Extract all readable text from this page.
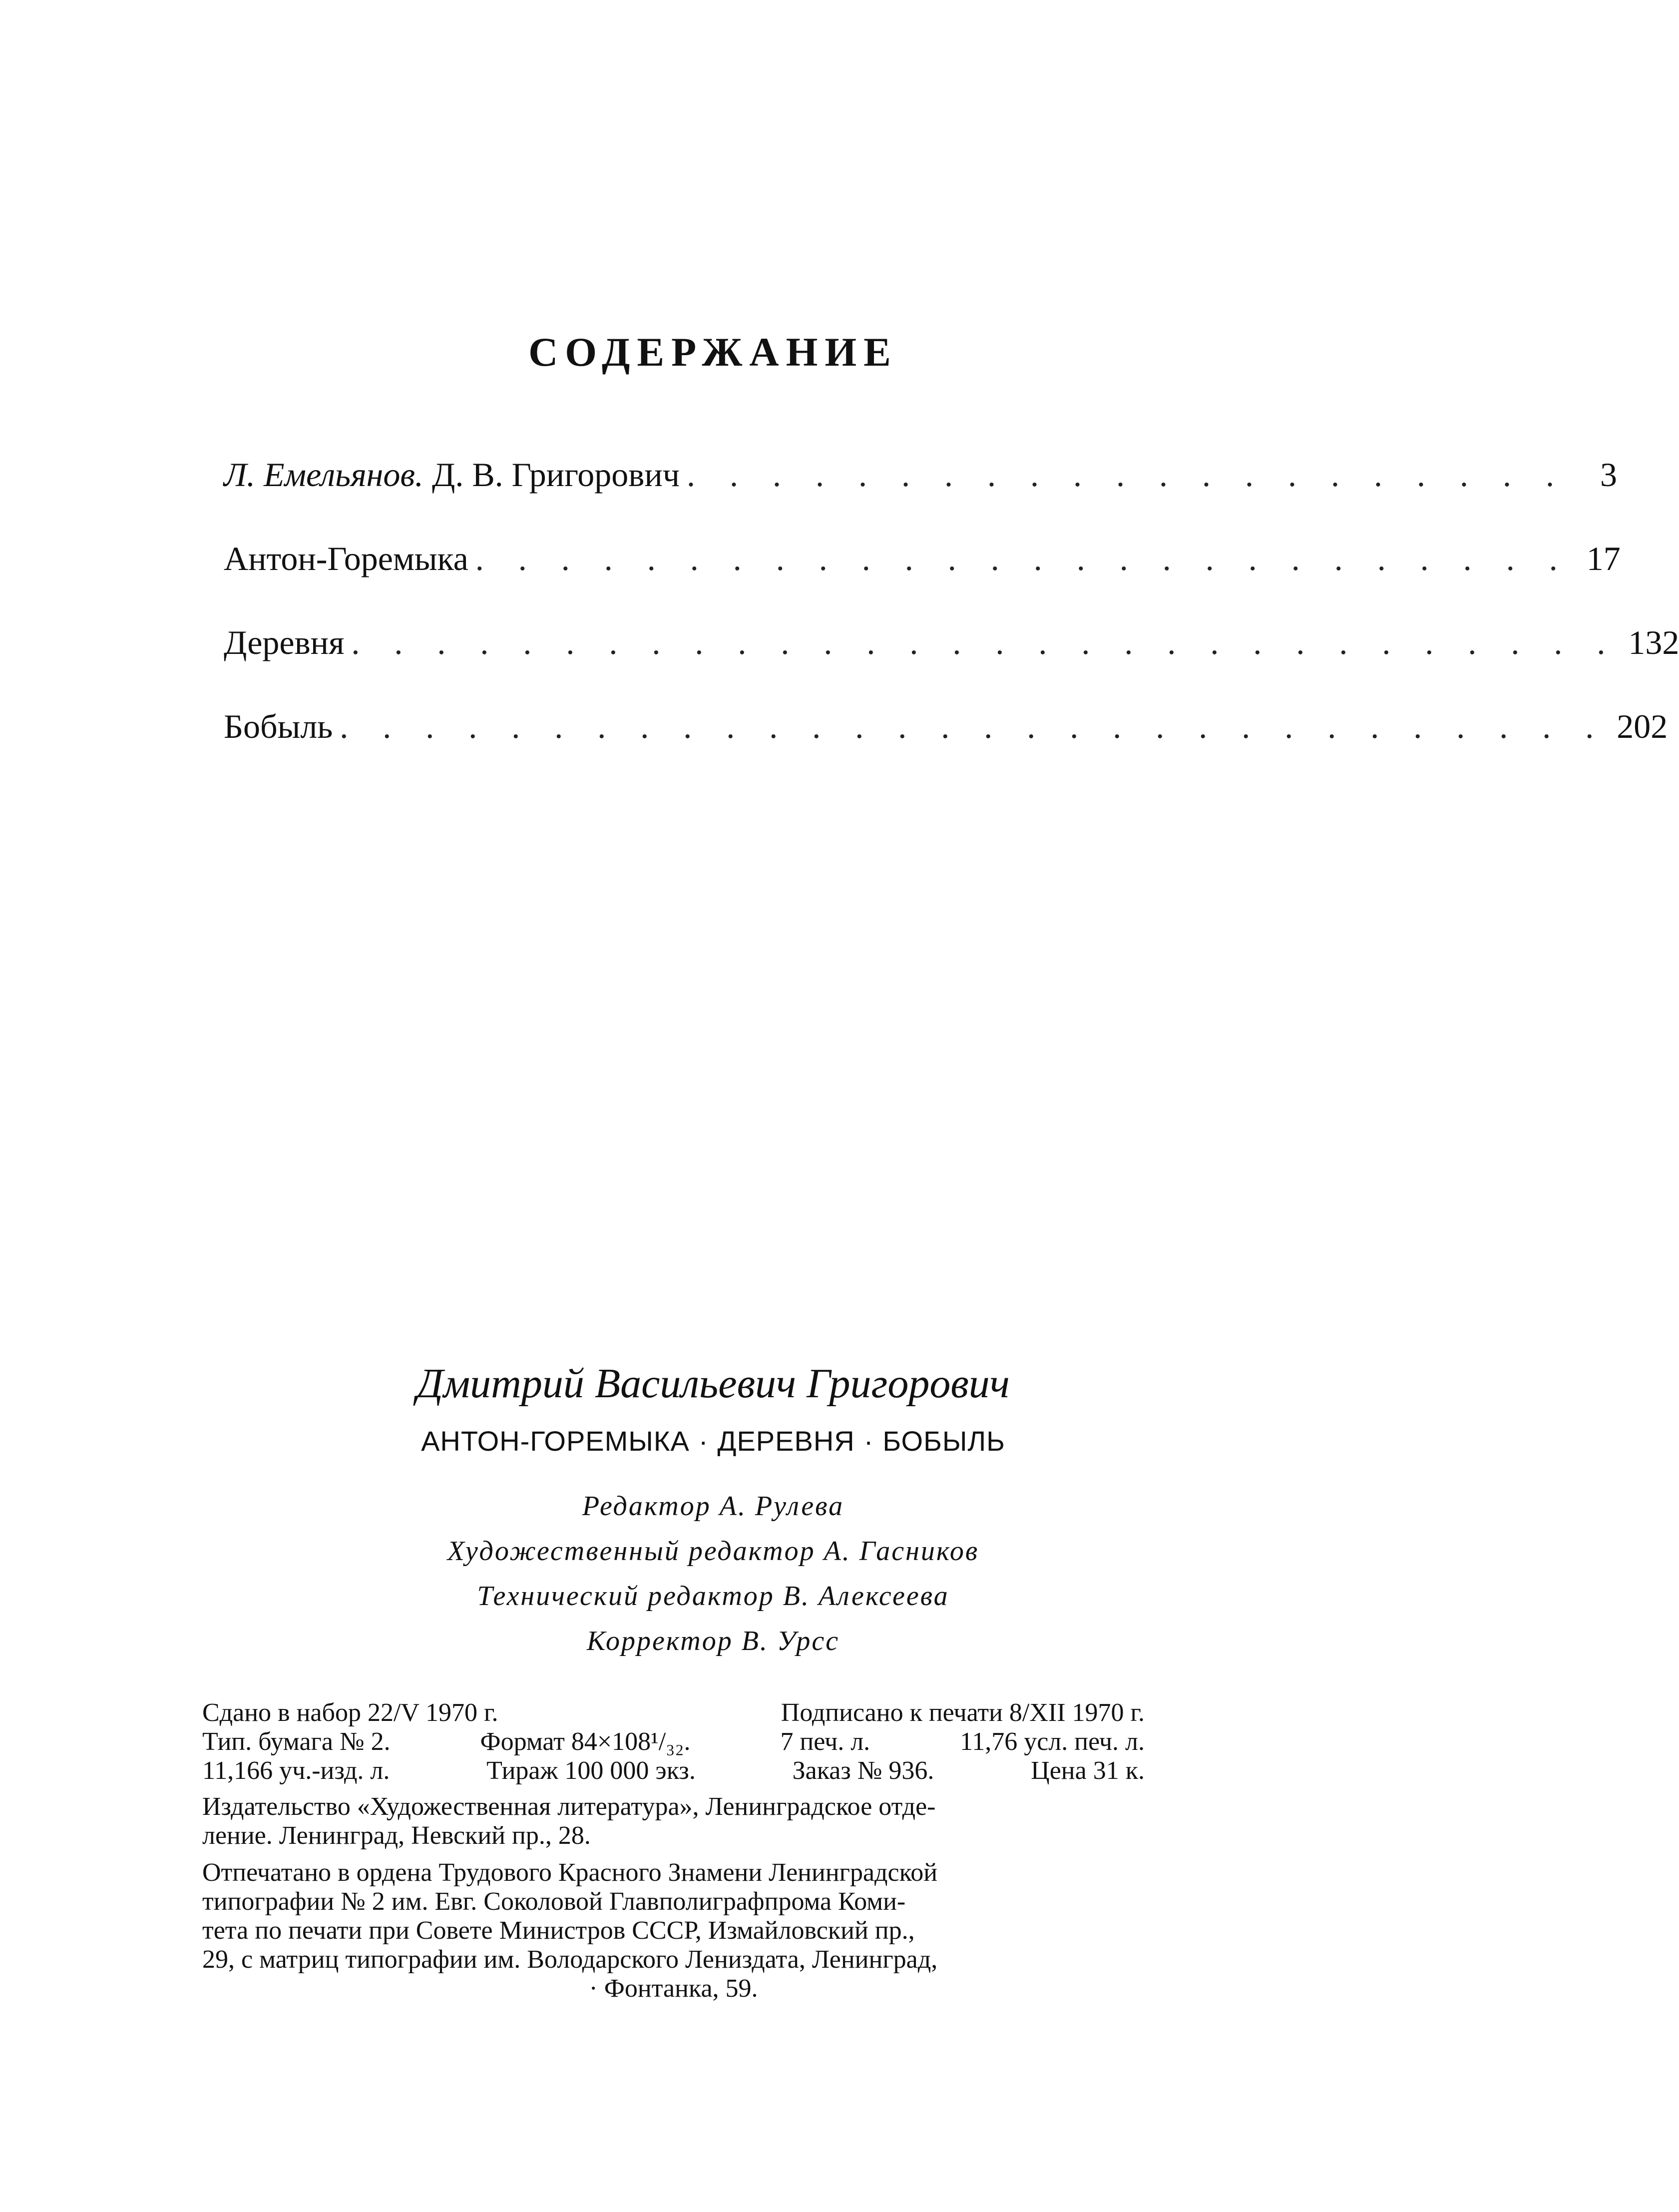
СОДЕРЖАНИЕ
Л. Емельянов. Д. В. Григорович . . . . . . . . . . . . . . . . . . . . . 3
Антон-Горемыка . . . . . . . . . . . . . . . . . . . . . . . . . . 17
Деревня . . . . . . . . . . . . . . . . . . . . . . . . . . . . . . 132
Бобыль . . . . . . . . . . . . . . . . . . . . . . . . . . . . . . 202

Дмитрий Васильевич Григорович

АНТОН-ГОРЕМЫКА · ДЕРЕВНЯ · БОБЫЛЬ

Редактор А. Рулева
Художественный редактор А. Гасников
Технический редактор В. Алексеева
Корректор В. Урсс
Сдано в набор 22/V 1970 г.	Подписано к печати 8/XII 1970 г.
Тип. бумага № 2.	Формат 84×108¹/₃₂.	7 печ. л.	11,76 усл. печ. л.
11,166 уч.-изд. л.	Тираж 100 000 экз.	Заказ № 936.	Цена 31 к.
Издательство «Художественная литература», Ленинградское отде-
ление. Ленинград, Невский пр., 28.
Отпечатано в ордена Трудового Красного Знамени Ленинградской
типографии № 2 им. Евг. Соколовой Главполиграфпрома Коми-
тета по печати при Совете Министров СССР, Измайловский пр.,
29, с матриц типографии им. Володарского Лениздата, Ленинград,
· Фонтанка, 59.
